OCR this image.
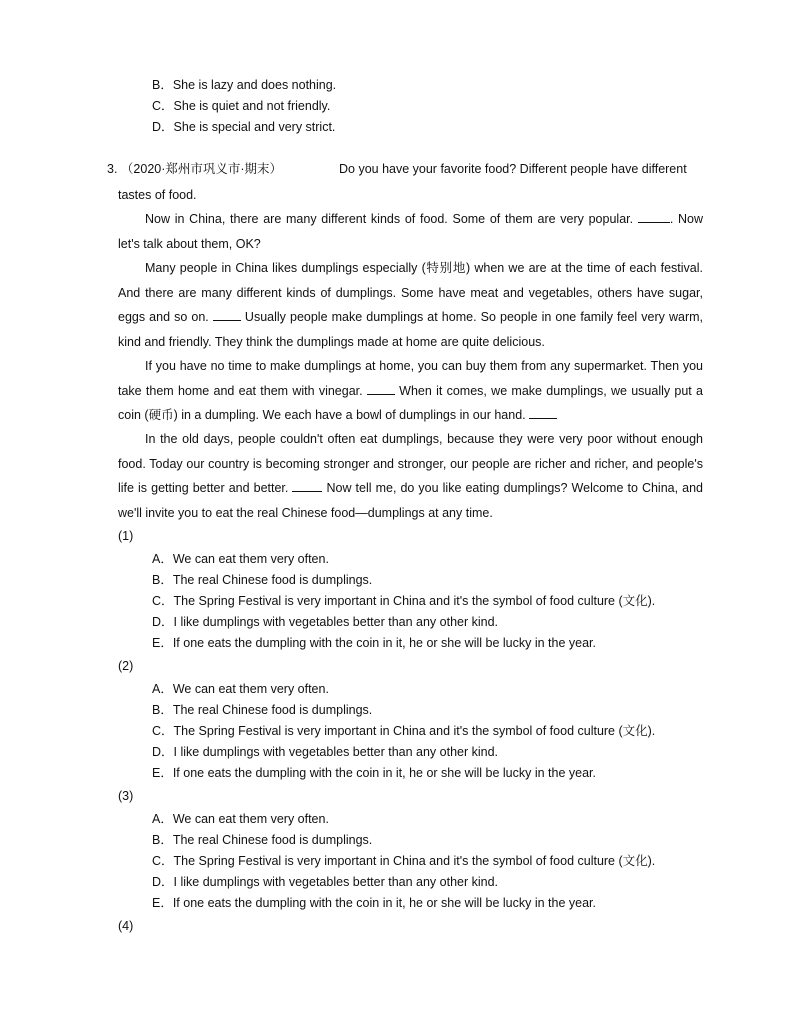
B．She is lazy and does nothing.
C．She is quiet and not friendly.
D．She is special and very strict.
3. （2020·郑州市巩义市·期末）	Do you have your favorite food? Different people have different
tastes of food.
Now in China, there are many different kinds of food. Some of them are very popular.	. Now let's talk about them, OK?
Many people in China likes dumplings especially (特别地) when we are at the time of each festival. And there are many different kinds of dumplings. Some have meat and vegetables, others have sugar, eggs and so on.  Usually people make dumplings at home. So people in one family feel very warm, kind and friendly. They think the dumplings made at home are quite delicious.
If you have no time to make dumplings at home, you can buy them from any supermarket. Then you take them home and eat them with vinegar.  When it comes, we make dumplings, we usually put a coin (硬币) in a dumpling. We each have a bowl of dumplings in our hand.
In the old days, people couldn't often eat dumplings, because they were very poor without enough food. Today our country is becoming stronger and stronger, our people are richer and richer, and people's life is getting better and better.  Now tell me, do you like eating dumplings? Welcome to China, and we'll invite you to eat the real Chinese food—dumplings at any time.
(1)
A．We can eat them very often.
B．The real Chinese food is dumplings.
C．The Spring Festival is very important in China and it's the symbol of food culture (文化).
D．I like dumplings with vegetables better than any other kind.
E．If one eats the dumpling with the coin in it, he or she will be lucky in the year.
(2)
A．We can eat them very often.
B．The real Chinese food is dumplings.
C．The Spring Festival is very important in China and it's the symbol of food culture (文化).
D．I like dumplings with vegetables better than any other kind.
E．If one eats the dumpling with the coin in it, he or she will be lucky in the year.
(3)
A．We can eat them very often.
B．The real Chinese food is dumplings.
C．The Spring Festival is very important in China and it's the symbol of food culture (文化).
D．I like dumplings with vegetables better than any other kind.
E．If one eats the dumpling with the coin in it, he or she will be lucky in the year.
(4)
